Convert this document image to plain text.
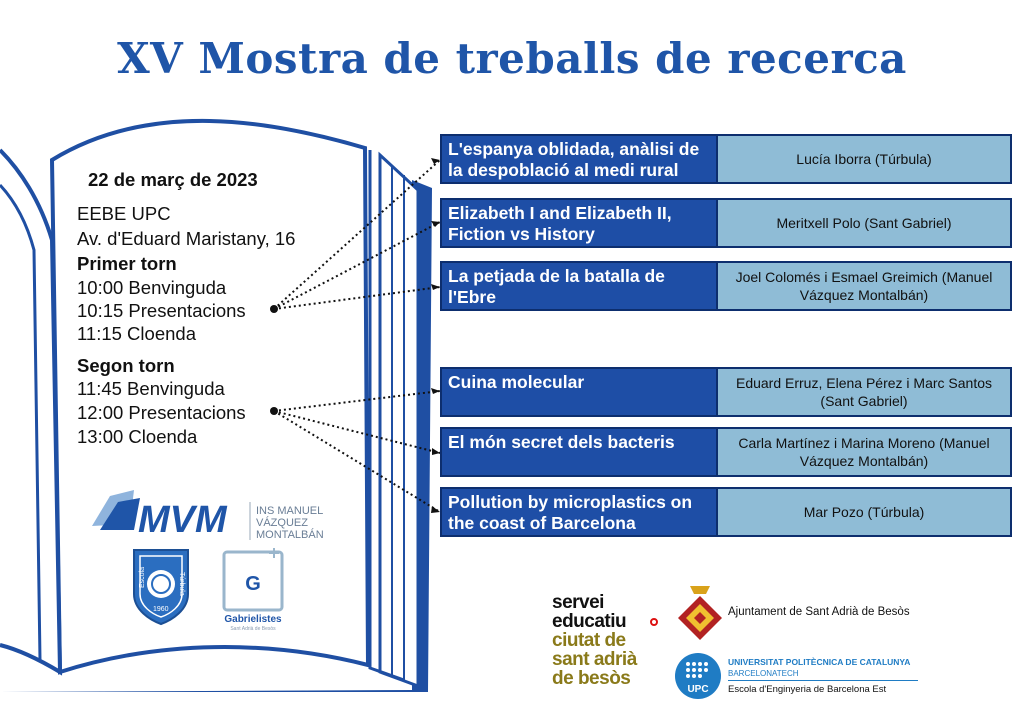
XV Mostra de treballs de recerca
22 de març de 2023
EEBE UPC
Av. d'Eduard Maristany, 16
Primer torn
10:00 Benvinguda
10:15 Presentacions
11:15 Cloenda
Segon torn
11:45 Benvinguda
12:00 Presentacions
13:00 Cloenda
L'espanya oblidada, anàlisi de la despoblació al medi rural
Lucía Iborra (Túrbula)
Elizabeth I and Elizabeth II, Fiction vs History
Meritxell Polo (Sant Gabriel)
La petjada de la batalla de l'Ebre
Joel Colomés i Esmael Greimich (Manuel Vázquez Montalbán)
Cuina molecular	Eduard Erruz, Elena Pérez i Marc Santos (Sant Gabriel)
El món secret dels bacteris	Carla Martínez i Marina Moreno (Manuel Vázquez Montalbán)
Pollution by microplastics on the coast of Barcelona
Mar Pozo (Túrbula)
MVM	INS MANUEL
VÁZQUEZ
MONTALBÁN
Escola	Túrbula
1960
G
Gabrielistes
Sant Adrià de Besòs
servei
educatiu
ciutat de
sant adrià
de besòs
Ajuntament de Sant Adrià de Besòs
UPC
UNIVERSITAT POLITÈCNICA DE CATALUNYA
BARCELONATECH
Escola d'Enginyeria de Barcelona Est
